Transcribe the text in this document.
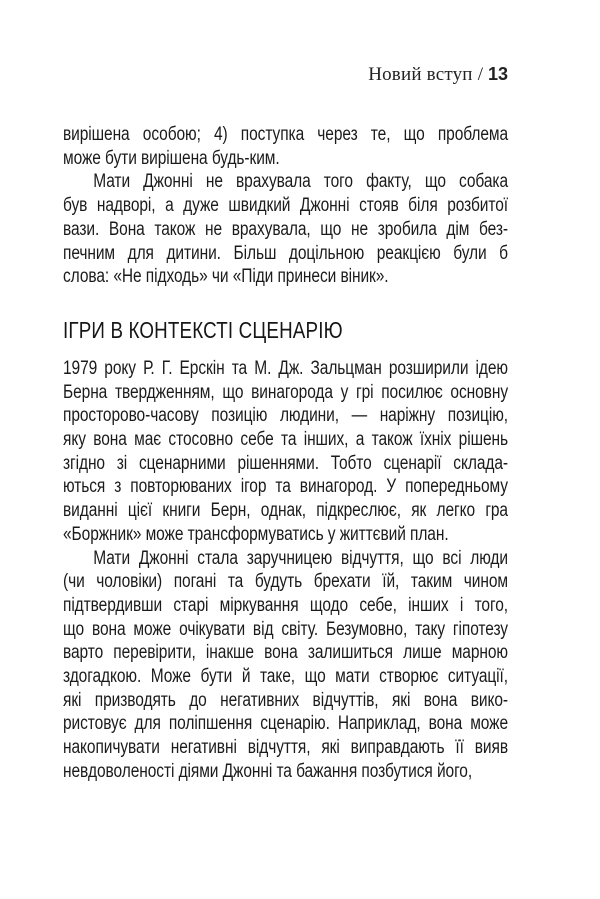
Новий вступ / 13
вирішена особою; 4) поступка через те, що проблема
може бути вирішена будь-ким.
Мати Джонні не врахувала того факту, що собака
був надворі, а дуже швидкий Джонні стояв біля розбитої
вази. Вона також не врахувала, що не зробила дім без-
печним для дитини. Більш доцільною реакцією були б
слова: «Не підходь» чи «Піди принеси віник».
ІГРИ В КОНТЕКСТІ СЦЕНАРІЮ
1979 року Р. Г. Ерскін та М. Дж. Зальцман розширили ідею
Берна твердженням, що винагорода у грі посилює основну
просторово-часову позицію людини, — наріжну позицію,
яку вона має стосовно себе та інших, а також їхніх рішень
згідно зі сценарними рішеннями. Тобто сценарії склада-
ються з повторюваних ігор та винагород. У попередньому
виданні цієї книги Берн, однак, підкреслює, як легко гра
«Боржник» може трансформуватись у життєвий план.
Мати Джонні стала заручницею відчуття, що всі люди
(чи чоловіки) погані та будуть брехати їй, таким чином
підтвердивши старі міркування щодо себе, інших і того,
що вона може очікувати від світу. Безумовно, таку гіпотезу
варто перевірити, інакше вона залишиться лише марною
здогадкою. Може бути й таке, що мати створює ситуації,
які призводять до негативних відчуттів, які вона вико-
ристовує для поліпшення сценарію. Наприклад, вона може
накопичувати негативні відчуття, які виправдають її вияв
невдоволеності діями Джонні та бажання позбутися його,
